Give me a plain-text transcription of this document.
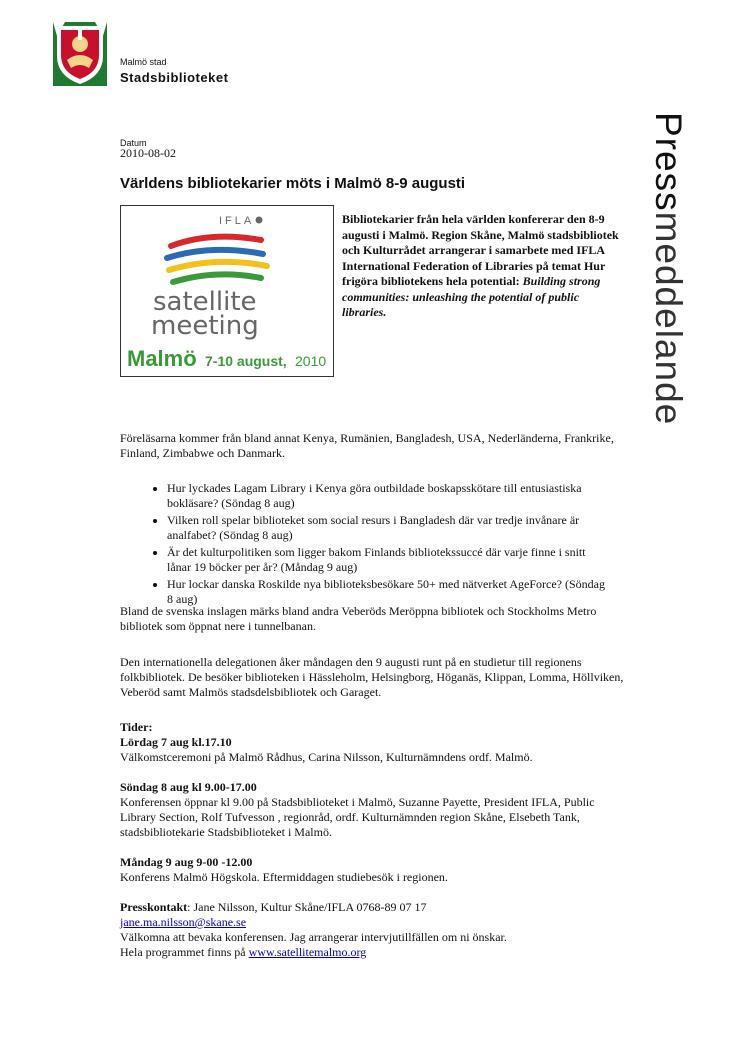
Malmö stad
Stadsbiblioteket
Pressmeddelande
Datum
2010-08-02
Världens bibliotekarier möts i Malmö 8-9 augusti
IFLA
satellite
meeting
Malmö 7-10 august, 2010
Bibliotekarier från hela världen konfererar den 8-9 augusti i Malmö. Region Skåne, Malmö stadsbibliotek och Kulturrådet arrangerar i samarbete med IFLA International Federation of Libraries på temat Hur frigöra bibliotekens hela potential: Building strong communities: unleashing the potential of public libraries.
Föreläsarna kommer från bland annat Kenya, Rumänien, Bangladesh, USA, Nederländerna, Frankrike, Finland, Zimbabwe och Danmark.
• Hur lyckades Lagam Library i Kenya göra outbildade boskapsskötare till entusiastiska bokläsare? (Söndag 8 aug)
• Vilken roll spelar biblioteket som social resurs i Bangladesh där var tredje invånare är analfabet? (Söndag 8 aug)
• Är det kulturpolitiken som ligger bakom Finlands bibliotekssuccé där varje finne i snitt lånar 19 böcker per år? (Måndag 9 aug)
• Hur lockar danska Roskilde nya biblioteksbesökare 50+ med nätverket AgeForce? (Söndag 8 aug)
Bland de svenska inslagen märks bland andra Veberöds Meröppna bibliotek och Stockholms Metro bibliotek som öppnat nere i tunnelbanan.
Den internationella delegationen åker måndagen den 9 augusti runt på en studietur till regionens folkbibliotek. De besöker biblioteken i Hässleholm, Helsingborg, Höganäs, Klippan, Lomma, Höllviken, Veberöd samt Malmös stadsdelsbibliotek och Garaget.
Tider:
Lördag 7 aug kl.17.10
Välkomstceremoni på Malmö Rådhus, Carina Nilsson, Kulturnämndens ordf. Malmö.
Söndag 8 aug kl 9.00-17.00
Konferensen öppnar kl 9.00 på Stadsbiblioteket i Malmö, Suzanne Payette, President IFLA, Public Library Section, Rolf Tufvesson , regionråd, ordf. Kulturnämnden region Skåne, Elsebeth Tank, stadsbibliotekarie Stadsbiblioteket i Malmö.
Måndag 9 aug 9-00 -12.00
Konferens Malmö Högskola. Eftermiddagen studiebesök i regionen.
Presskontakt: Jane Nilsson, Kultur Skåne/IFLA 0768-89 07 17
jane.ma.nilsson@skane.se
Välkomna att bevaka konferensen. Jag arrangerar intervjutillfällen om ni önskar.
Hela programmet finns på www.satellitemalmo.org
